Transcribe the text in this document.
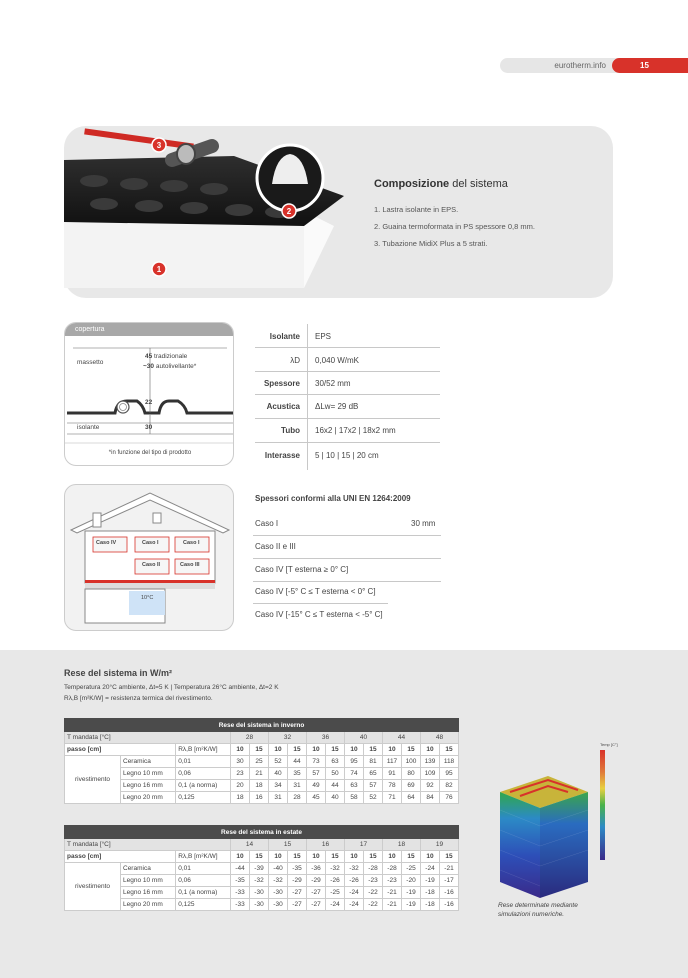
eurotherm.info	15
1
2
3
Composizione del sistema
1. Lastra isolante in EPS.
2. Guaina termoformata in PS spessore 0,8 mm.
3. Tubazione MidiX Plus a 5 strati.
copertura
massetto
45 tradizionale
~30 autolivellante*
22
isolante	30
*in funzione del tipo di prodotto
Isolante EPS
λD 0,040 W/mK
Spessore 30/52 mm
Acustica ΔLw= 29 dB
Tubo 16x2 | 17x2 | 18x2 mm
Interasse 5 | 10 | 15 | 20 cm
Caso IV	Caso I	Caso I
Caso II	Caso III
10°C
Spessori conformi alla UNI EN 1264:2009
Caso I	30 mm
Caso II e III
Caso IV [T esterna ≥ 0° C]
Caso IV [-5° C ≤ T esterna < 0° C]
Caso IV [-15° C ≤ T esterna < -5° C]
Rese del sistema in W/m²
Temperatura 20°C ambiente, Δt=5 K | Temperatura 26°C ambiente, Δt=2 K
Rλ,B [m²K/W] = resistenza termica del rivestimento.
Rese del sistema in inverno														
T mandata [°C]			28		32		36		40		44		48	
passo [cm]		Rλ,B [m²K/W]	10	15	10	15	10	15	10	15	10	15	10	15
rivestimento	Ceramica	0,01	30	25	52	44	73	63	95	81	117	100	139	118
	Legno 10 mm	0,06	23	21	40	35	57	50	74	65	91	80	109	95
	Legno 16 mm	0,1 (a norma)	20	18	34	31	49	44	63	57	78	69	92	82
	Legno 20 mm	0,125	18	16	31	28	45	40	58	52	71	64	84	76
Rese del sistema in estate														
T mandata [°C]			14		15		16		17		18		19	
passo [cm]		Rλ,B [m²K/W]	10	15	10	15	10	15	10	15	10	15	10	15
rivestimento	Ceramica	0,01	-44	-39	-40	-35	-36	-32	-32	-28	-28	-25	-24	-21
	Legno 10 mm	0,06	-35	-32	-32	-29	-29	-26	-26	-23	-23	-20	-19	-17
	Legno 16 mm	0,1 (a norma)	-33	-30	-30	-27	-27	-25	-24	-22	-21	-19	-18	-16
	Legno 20 mm	0,125	-33	-30	-30	-27	-27	-24	-24	-22	-21	-19	-18	-16
Temp [C°]
Rese determinate mediante
simulazioni numeriche.
